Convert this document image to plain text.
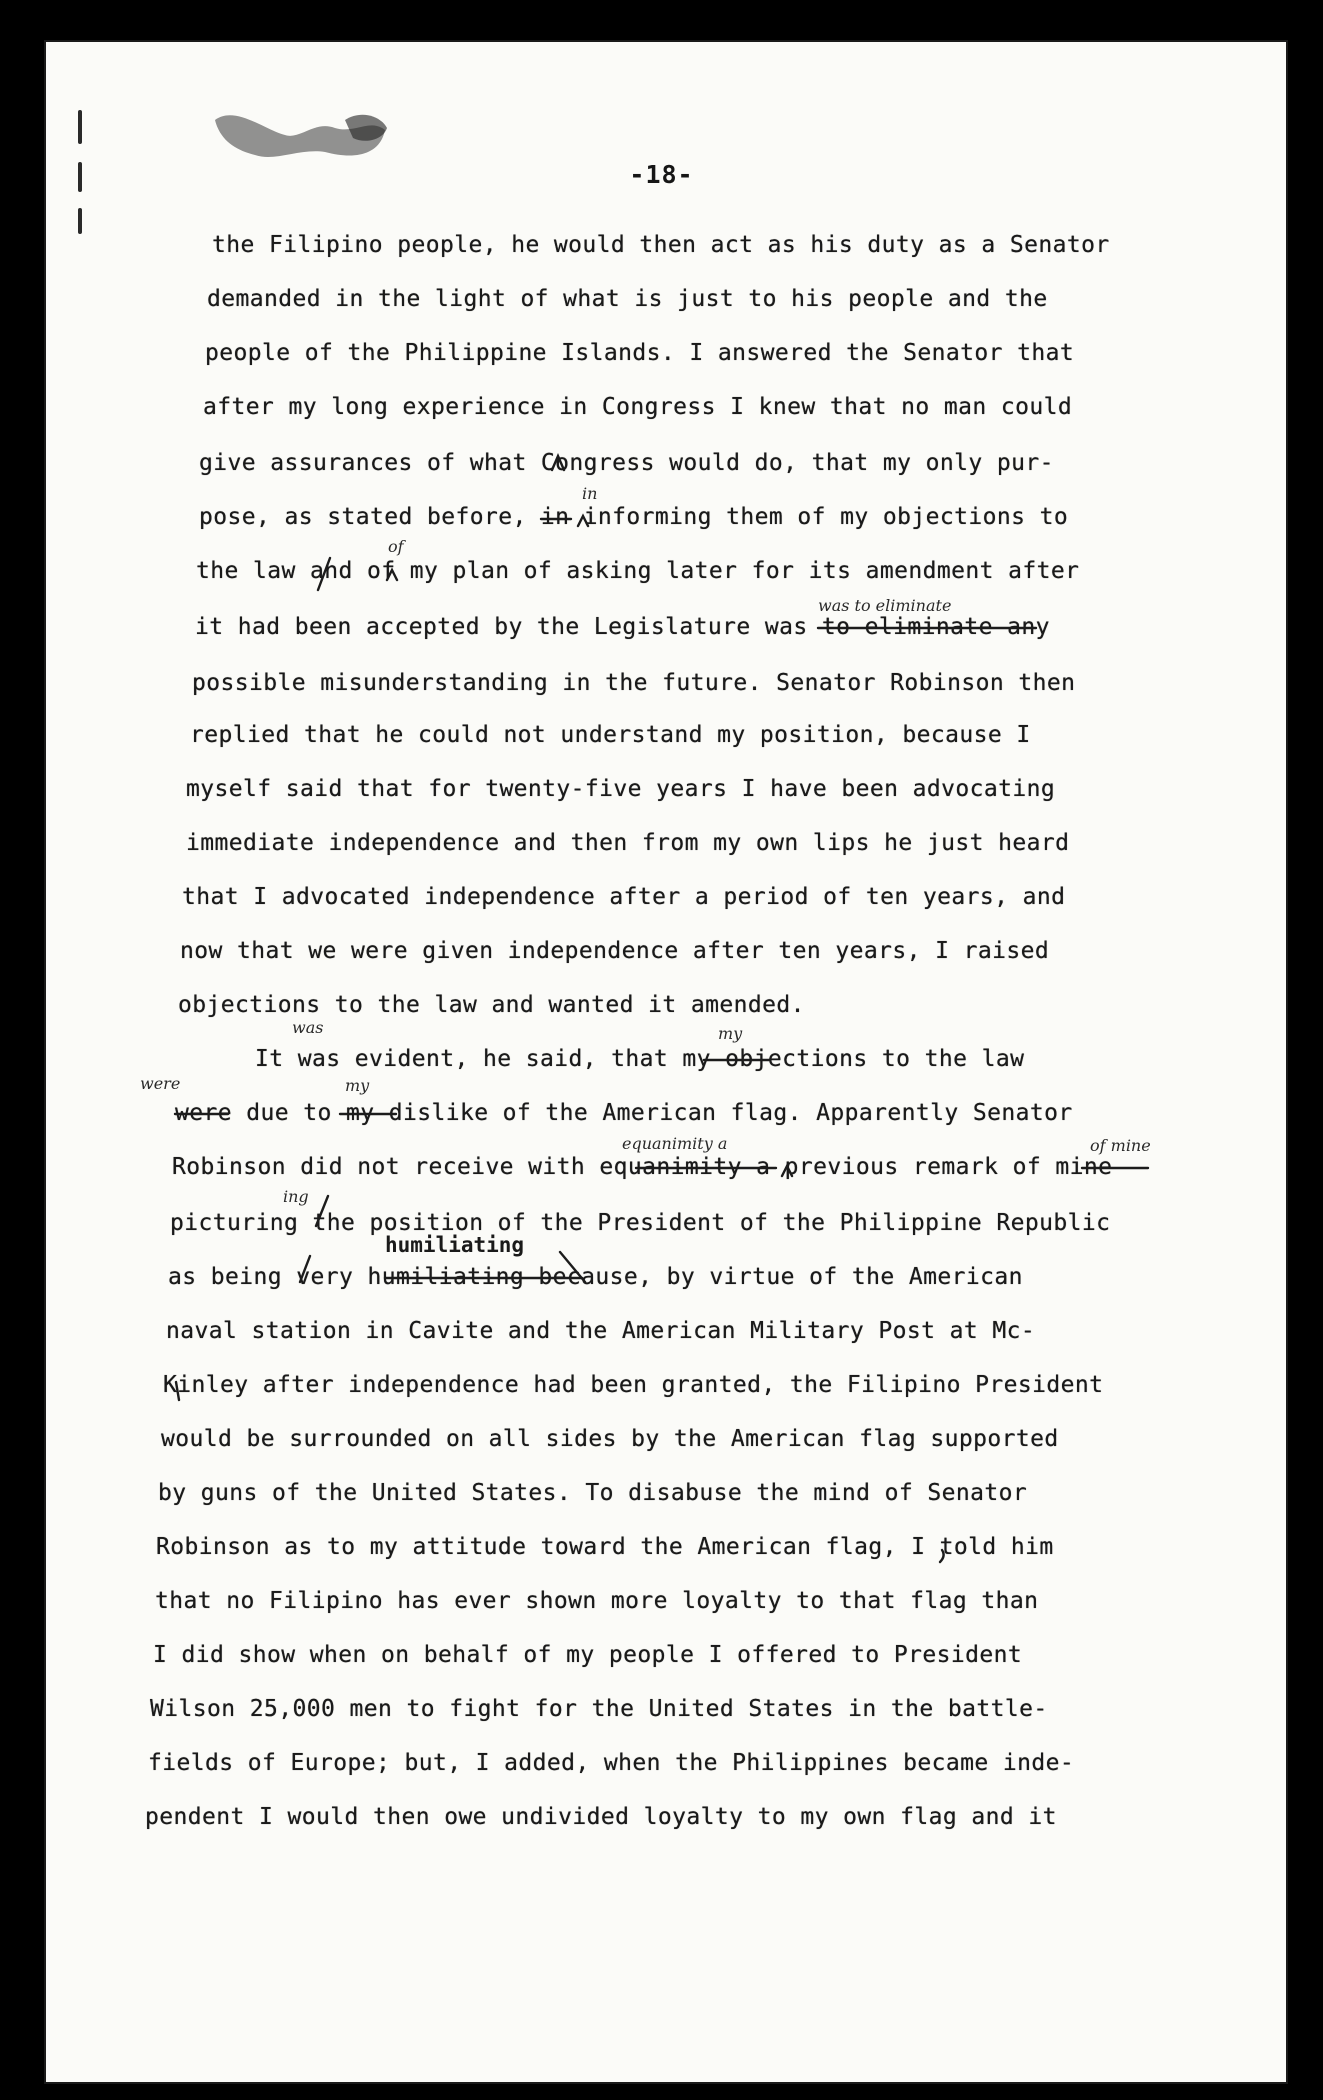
-18-
the Filipino people, he would then act as his duty as a Senator
demanded in the light of what is just to his people and the
people of the Philippine Islands. I answered the Senator that
after my long experience in Congress I knew that no man could
give assurances of what Congress would do, that my only pur-
pose, as stated before, in informing them of my objections to
the law and of my plan of asking later for its amendment after
it had been accepted by the Legislature was to eliminate any
possible misunderstanding in the future. Senator Robinson then
replied that he could not understand my position, because I
myself said that for twenty-five years I have been advocating
immediate independence and then from my own lips he just heard
that I advocated independence after a period of ten years, and
now that we were given independence after ten years, I raised
objections to the law and wanted it amended.
It was evident, he said, that my objections to the law
were due to my dislike of the American flag. Apparently Senator
Robinson did not receive with equanimity a previous remark of mine
picturing the position of the President of the Philippine Republic
as being very humiliating because, by virtue of the American
naval station in Cavite and the American Military Post at Mc-
Kinley after independence had been granted, the Filipino President
would be surrounded on all sides by the American flag supported
by guns of the United States. To disabuse the mind of Senator
Robinson as to my attitude toward the American flag, I told him
that no Filipino has ever shown more loyalty to that flag than
I did show when on behalf of my people I offered to President
Wilson 25,000 men to fight for the United States in the battle-
fields of Europe; but, I added, when the Philippines became inde-
pendent I would then owe undivided loyalty to my own flag and it
in
of
was to eliminate
was	my
were	my
equanimity a	of mine
ing
humiliating
